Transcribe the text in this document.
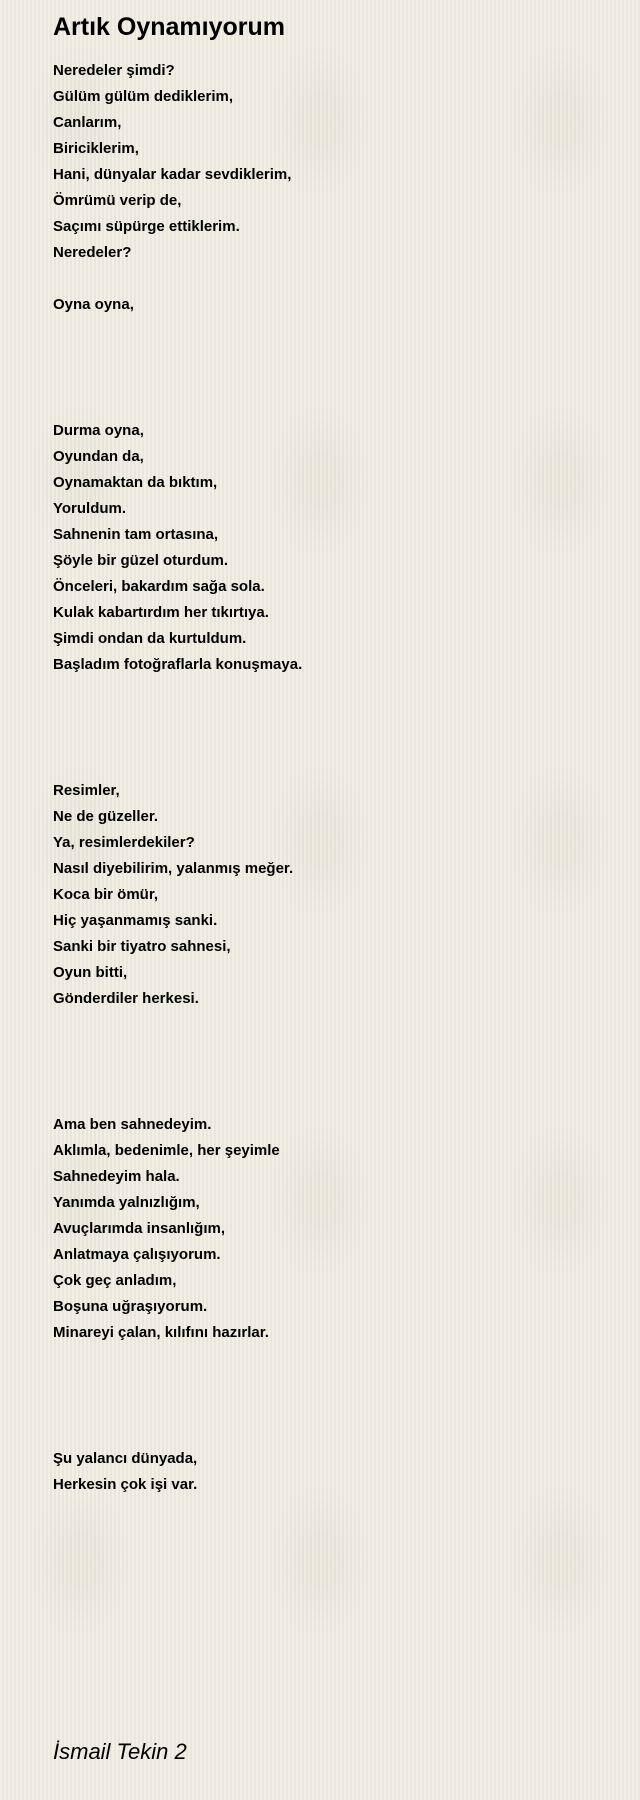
Artık Oynamıyorum
Neredeler şimdi?
Gülüm gülüm dediklerim,
Canlarım,
Biriciklerim,
Hani, dünyalar kadar sevdiklerim,
Ömrümü verip de,
Saçımı süpürge ettiklerim.
Neredeler?
Oyna oyna,
Durma oyna,
Oyundan da,
Oynamaktan da bıktım,
Yoruldum.
Sahnenin tam ortasına,
Şöyle bir güzel oturdum.
Önceleri, bakardım sağa sola.
Kulak kabartırdım her tıkırtıya.
Şimdi ondan da kurtuldum.
Başladım fotoğraflarla konuşmaya.
Resimler,
Ne de güzeller.
Ya, resimlerdekiler?
Nasıl diyebilirim, yalanmış meğer.
Koca bir ömür,
Hiç yaşanmamış sanki.
Sanki bir tiyatro sahnesi,
Oyun bitti,
Gönderdiler herkesi.
Ama ben sahnedeyim.
Aklımla, bedenimle, her şeyimle
Sahnedeyim hala.
Yanımda yalnızlığım,
Avuçlarımda insanlığım,
Anlatmaya çalışıyorum.
Çok geç anladım,
Boşuna uğraşıyorum.
Minareyi çalan, kılıfını hazırlar.
Şu yalancı dünyada,
Herkesin çok işi var.
İsmail Tekin 2
